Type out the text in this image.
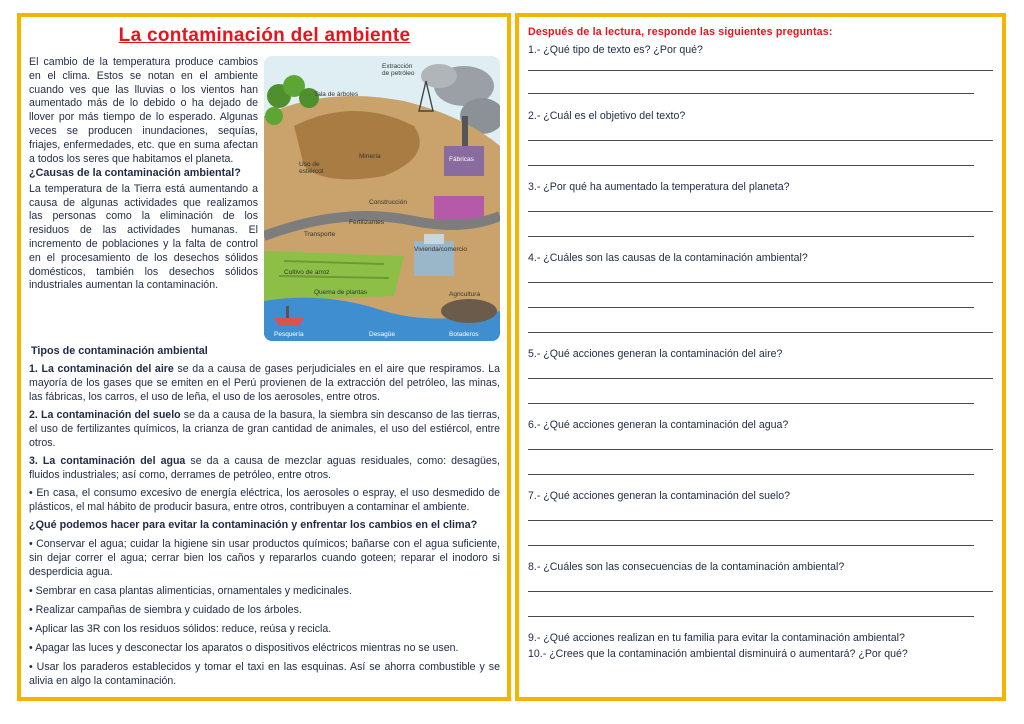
La contaminación del ambiente
Extracción
de petróleo
Tala de árboles
Minería	Fábricas
Uso de
estiércol
Construcción
Fertilizantes
Transporte
Vivienda/comercio
Cultivo de arroz
Quema de plantas	Agricultura
Pesquería	Desagüe	Botaderos

El cambio de la temperatura produce cambios en el clima. Estos se notan en el ambiente cuando ves que las lluvias o los vientos han aumentado más de lo debido o ha dejado de llover por más tiempo de lo esperado. Algunas veces se producen inundaciones, sequías, friajes, enfermedades, etc. que en suma afectan a todos los seres que habitamos el planeta.

¿Causas de la contaminación ambiental?

La temperatura de la Tierra está aumentando a causa de algunas actividades que realizamos las personas como la eliminación de los residuos de las actividades humanas. El incremento de poblaciones y la falta de control en el procesamiento de los desechos sólidos domésticos, también los desechos sólidos industriales aumentan la contaminación.

Tipos de contaminación ambiental

1. La contaminación del aire se da a causa de gases perjudiciales en el aire que respiramos. La mayoría de los gases que se emiten en el Perú provienen de la extracción del petróleo, las minas, las fábricas, los carros, el uso de leña, el uso de los aerosoles, entre otros.

2. La contaminación del suelo se da a causa de la basura, la siembra sin descanso de las tierras, el uso de fertilizantes químicos, la crianza de gran cantidad de animales, el uso del estiércol, entre otros.

3. La contaminación del agua se da a causa de mezclar aguas residuales, como: desagües, fluidos industriales; así como, derrames de petróleo, entre otros.

• En casa, el consumo excesivo de energía eléctrica, los aerosoles o espray, el uso desmedido de plásticos, el mal hábito de producir basura, entre otros, contribuyen a contaminar el ambiente.

¿Qué podemos hacer para evitar la contaminación y enfrentar los cambios en el clima?

• Conservar el agua; cuidar la higiene sin usar productos químicos; bañarse con el agua suficiente, sin dejar correr el agua; cerrar bien los caños y repararlos cuando goteen; reparar el inodoro si desperdicia agua.

• Sembrar en casa plantas alimenticias, ornamentales y medicinales.

• Realizar campañas de siembra y cuidado de los árboles.

• Aplicar las 3R con los residuos sólidos: reduce, reúsa y recicla.

• Apagar las luces y desconectar los aparatos o dispositivos eléctricos mientras no se usen.

• Usar los paraderos establecidos y tomar el taxi en las esquinas. Así se ahorra combustible y se alivia en algo la contaminación.

Después de la lectura, responde las siguientes preguntas:

1.- ¿Qué tipo de texto es? ¿Por qué?

2.- ¿Cuál es el objetivo del texto?

3.- ¿Por qué ha aumentado la temperatura del planeta?

4.- ¿Cuáles son las causas de la contaminación ambiental?

5.- ¿Qué acciones generan la contaminación del aire?

6.- ¿Qué acciones generan la contaminación del agua?

7.- ¿Qué acciones generan la contaminación del suelo?

8.- ¿Cuáles son las consecuencias de la contaminación ambiental?

9.- ¿Qué acciones realizan en tu familia para evitar la contaminación ambiental?

10.- ¿Crees que la contaminación ambiental disminuirá o aumentará? ¿Por qué?
